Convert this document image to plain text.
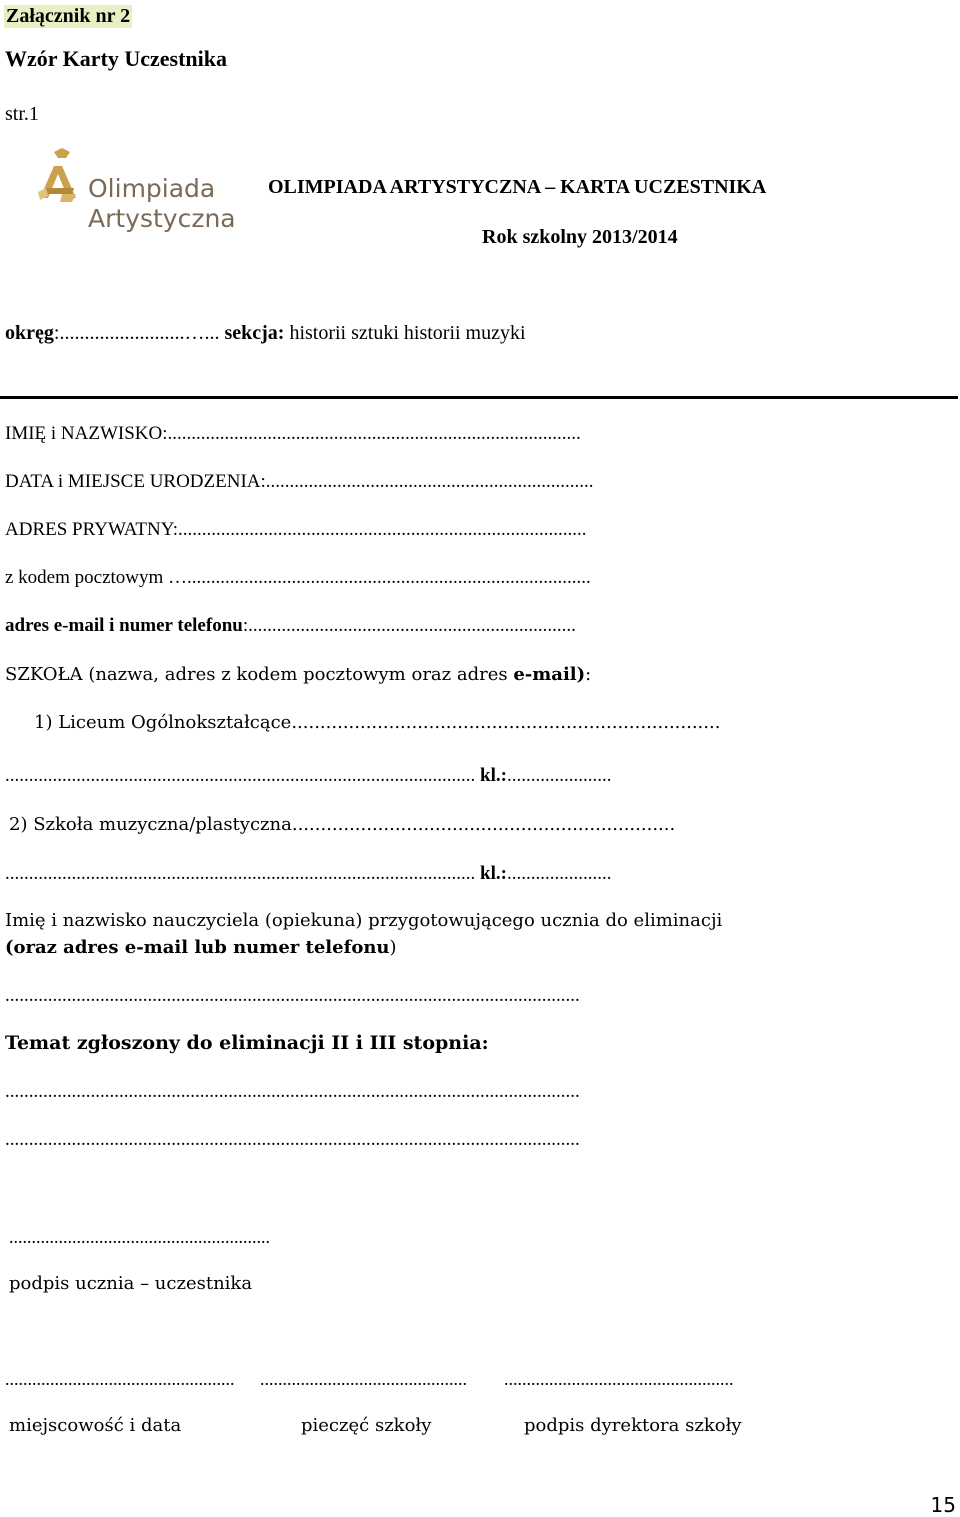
Załącznik nr 2
Wzór Karty Uczestnika
str.1
Olimpiada
Artystyczna
OLIMPIADA ARTYSTYCZNA – KARTA UCZESTNIKA
Rok szkolny 2013/2014
okręg:.........................…... sekcja: historii sztuki historii muzyki
IMIĘ i NAZWISKO:.......................................................................................
DATA i MIEJSCE URODZENIA:.....................................................................
ADRES PRYWATNY:......................................................................................
z kodem pocztowym ….....................................................................................
adres e-mail i numer telefonu:.....................................................................
SZKOŁA (nazwa, adres z kodem pocztowym oraz adres e-mail):
1) Liceum Ogólnokształcące...........................................................................
................................................................................................... kl.:......................
2) Szkoła muzyczna/plastyczna...................................................................
................................................................................................... kl.:......................
Imię i nazwisko nauczyciela (opiekuna) przygotowującego ucznia do eliminacji
(oraz adres e-mail lub numer telefonu)
.........................................................................................................................
Temat zgłoszony do eliminacji II i III stopnia:
.........................................................................................................................
.........................................................................................................................
..........................................................
podpis ucznia – uczestnika
................................................... .............................................. ...................................................
miejscowość i data	pieczęć szkoły	podpis dyrektora szkoły
15
